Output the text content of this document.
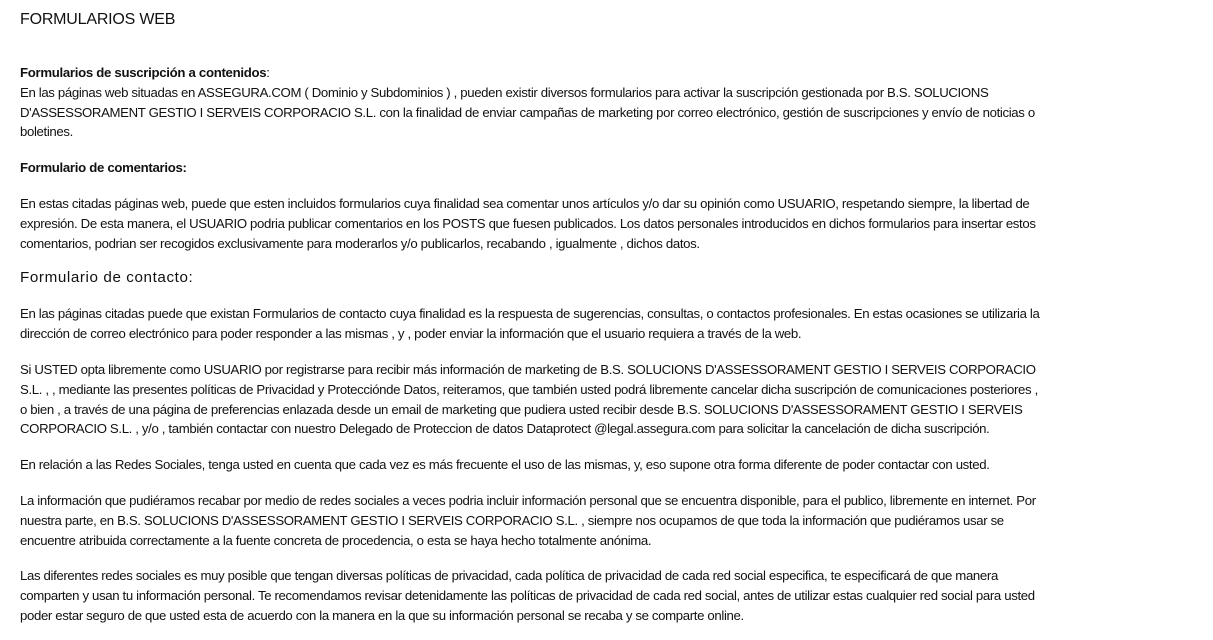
FORMULARIOS WEB
Formularios de suscripción a contenidos:
En las páginas web situadas en ASSEGURA.COM ( Dominio y Subdominios ) , pueden existir diversos formularios para activar la suscripción gestionada por B.S. SOLUCIONS
D'ASSESSORAMENT GESTIO I SERVEIS CORPORACIO S.L. con la finalidad de enviar campañas de marketing por correo electrónico, gestión de suscripciones y envío de noticias o
boletines.
Formulario de comentarios:
En estas citadas páginas web, puede que esten incluidos formularios cuya finalidad sea comentar unos artículos y/o dar su opinión como USUARIO, respetando siempre, la libertad de
expresión. De esta manera, el USUARIO podria publicar comentarios en los POSTS que fuesen publicados. Los datos personales introducidos en dichos formularios para insertar estos
comentarios, podrian ser recogidos exclusivamente para moderarlos y/o publicarlos, recabando , igualmente , dichos datos.
Formulario de contacto:
En las páginas citadas puede que existan Formularios de contacto cuya finalidad es la respuesta de sugerencias, consultas, o contactos profesionales. En estas ocasiones se utilizaria la
dirección de correo electrónico para poder responder a las mismas , y , poder enviar la información que el usuario requiera a través de la web.
Si USTED opta libremente como USUARIO por registrarse para recibir más información de marketing de B.S. SOLUCIONS D'ASSESSORAMENT GESTIO I SERVEIS CORPORACIO
S.L. , , mediante las presentes políticas de Privacidad y Protecciónde Datos, reiteramos, que también usted podrá libremente cancelar dicha suscripción de comunicaciones posteriores ,
o bien , a través de una página de preferencias enlazada desde un email de marketing que pudiera usted recibir desde B.S. SOLUCIONS D'ASSESSORAMENT GESTIO I SERVEIS
CORPORACIO S.L. , y/o , también contactar con nuestro Delegado de Proteccion de datos Dataprotect @legal.assegura.com para solicitar la cancelación de dicha suscripción.
En relación a las Redes Sociales, tenga usted en cuenta que cada vez es más frecuente el uso de las mismas, y, eso supone otra forma diferente de poder contactar con usted.
La información que pudiéramos recabar por medio de redes sociales a veces podria incluir información personal que se encuentra disponible, para el publico, libremente en internet. Por
nuestra parte, en B.S. SOLUCIONS D'ASSESSORAMENT GESTIO I SERVEIS CORPORACIO S.L. , siempre nos ocupamos de que toda la información que pudiéramos usar se
encuentre atribuida correctamente a la fuente concreta de procedencia, o esta se haya hecho totalmente anónima.
Las diferentes redes sociales es muy posible que tengan diversas políticas de privacidad, cada política de privacidad de cada red social especifica, te especificará de que manera
comparten y usan tu información personal. Te recomendamos revisar detenidamente las políticas de privacidad de cada red social, antes de utilizar estas cualquier red social para usted
poder estar seguro de que usted esta de acuerdo con la manera en la que su información personal se recaba y se comparte online.
